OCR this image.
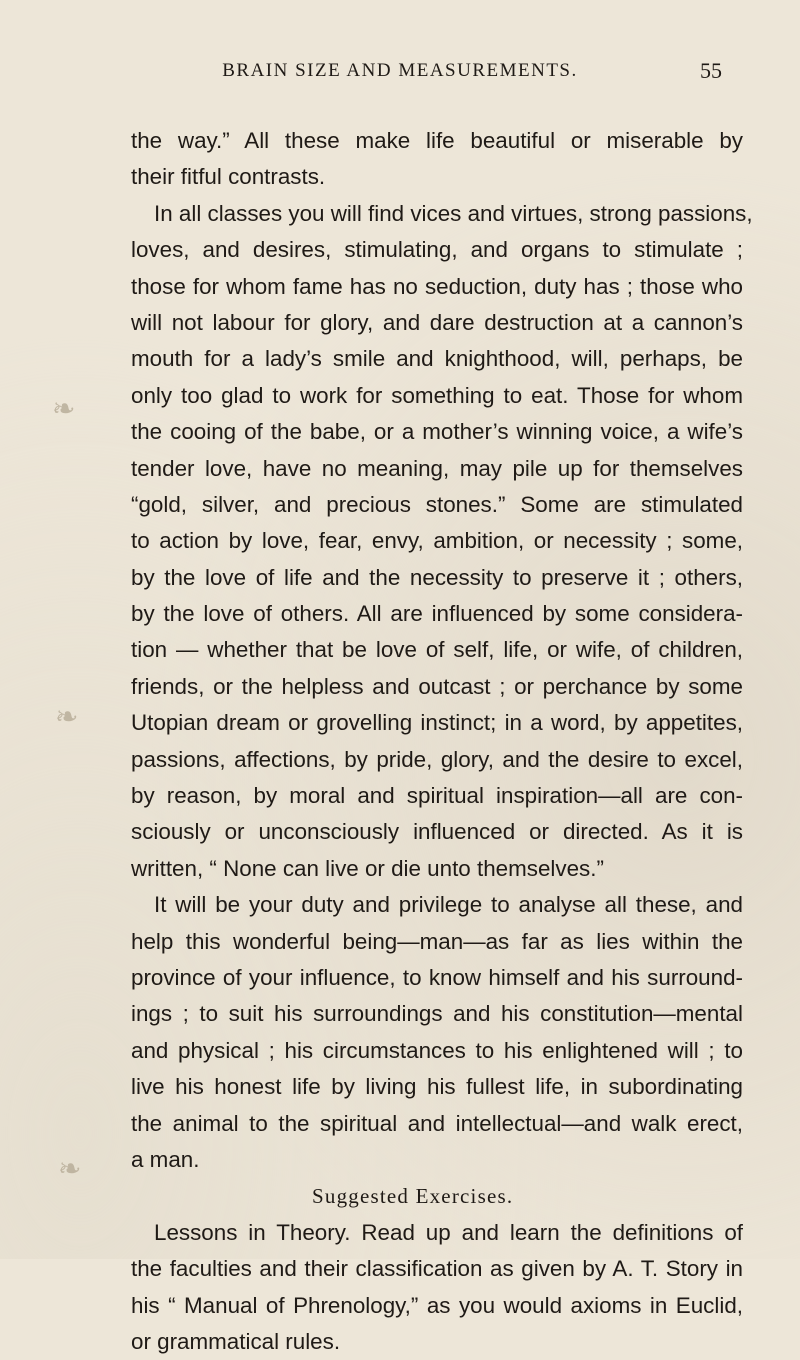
BRAIN SIZE AND MEASUREMENTS.	55
the way.” All these make life beautiful or miserable by
their fitful contrasts.
In all classes you will find vices and virtues, strong passions,
loves, and desires, stimulating, and organs to stimulate ;
those for whom fame has no seduction, duty has ; those who
will not labour for glory, and dare destruction at a cannon’s
mouth for a lady’s smile and knighthood, will, perhaps, be
only too glad to work for something to eat. Those for whom
the cooing of the babe, or a mother’s winning voice, a wife’s
tender love, have no meaning, may pile up for themselves
“gold, silver, and precious stones.” Some are stimulated
to action by love, fear, envy, ambition, or necessity ; some,
by the love of life and the necessity to preserve it ; others,
by the love of others. All are influenced by some considera-
tion — whether that be love of self, life, or wife, of children,
friends, or the helpless and outcast ; or perchance by some
Utopian dream or grovelling instinct; in a word, by appetites,
passions, affections, by pride, glory, and the desire to excel,
by reason, by moral and spiritual inspiration—all are con-
sciously or unconsciously influenced or directed. As it is
written, “ None can live or die unto themselves.”
It will be your duty and privilege to analyse all these, and
help this wonderful being—man—as far as lies within the
province of your influence, to know himself and his surround-
ings ; to suit his surroundings and his constitution—mental
and physical ; his circumstances to his enlightened will ; to
live his honest life by living his fullest life, in subordinating
the animal to the spiritual and intellectual—and walk erect,
a man.
Suggested Exercises.
Lessons in Theory. Read up and learn the definitions of
the faculties and their classification as given by A. T. Story in
his “ Manual of Phrenology,” as you would axioms in Euclid,
or grammatical rules.
❧
❧
❧
